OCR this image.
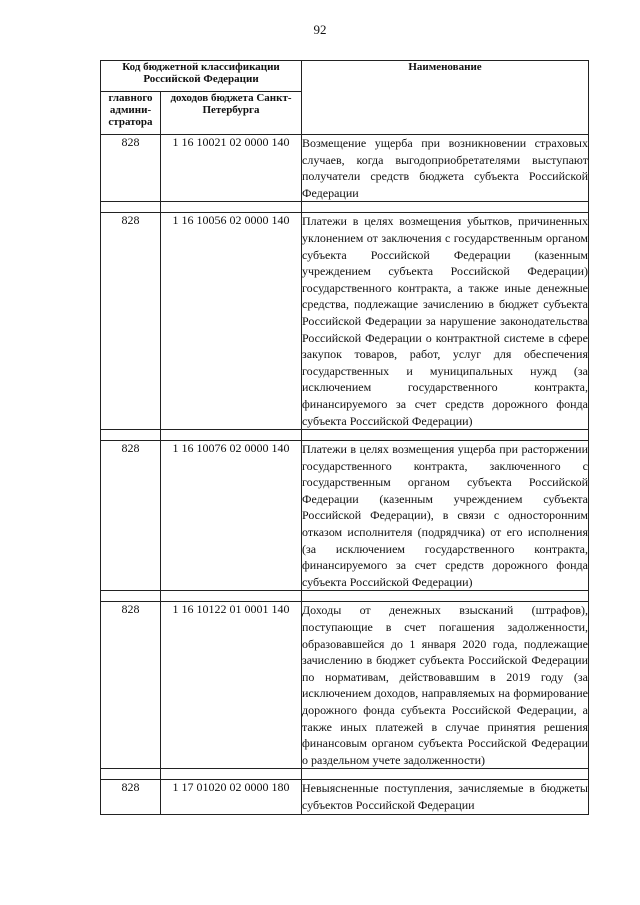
92
Код бюджетной классификации Российской Федерации		Наименование
главного админи-стратора	доходов бюджета Санкт-Петербурга	
828	1 16 10021 02 0000 140	Возмещение ущерба при возникновении страховых случаев, когда выгодоприобретателями выступают получатели средств бюджета субъекта Российской Федерации

828	1 16 10056 02 0000 140	Платежи в целях возмещения убытков, причиненных уклонением от заключения с государственным органом субъекта Российской Федерации (казенным учреждением субъекта Российской Федерации) государственного контракта, а также иные денежные средства, подлежащие зачислению в бюджет субъекта Российской Федерации за нарушение законодательства Российской Федерации о контрактной системе в сфере закупок товаров, работ, услуг для обеспечения государственных и муниципальных нужд (за исключением государственного контракта, финансируемого за счет средств дорожного фонда субъекта Российской Федерации)

828	1 16 10076 02 0000 140	Платежи в целях возмещения ущерба при расторжении государственного контракта, заключенного с государственным органом субъекта Российской Федерации (казенным учреждением субъекта Российской Федерации), в связи с односторонним отказом исполнителя (подрядчика) от его исполнения (за исключением государственного контракта, финансируемого за счет средств дорожного фонда субъекта Российской Федерации)

828	1 16 10122 01 0001 140	Доходы от денежных взысканий (штрафов), поступающие в счет погашения задолженности, образовавшейся до 1 января 2020 года, подлежащие зачислению в бюджет субъекта Российской Федерации по нормативам, действовавшим в 2019 году (за исключением доходов, направляемых на формирование дорожного фонда субъекта Российской Федерации, а также иных платежей в случае принятия решения финансовым органом субъекта Российской Федерации о раздельном учете задолженности)

828	1 17 01020 02 0000 180	Невыясненные поступления, зачисляемые в бюджеты субъектов Российской Федерации
